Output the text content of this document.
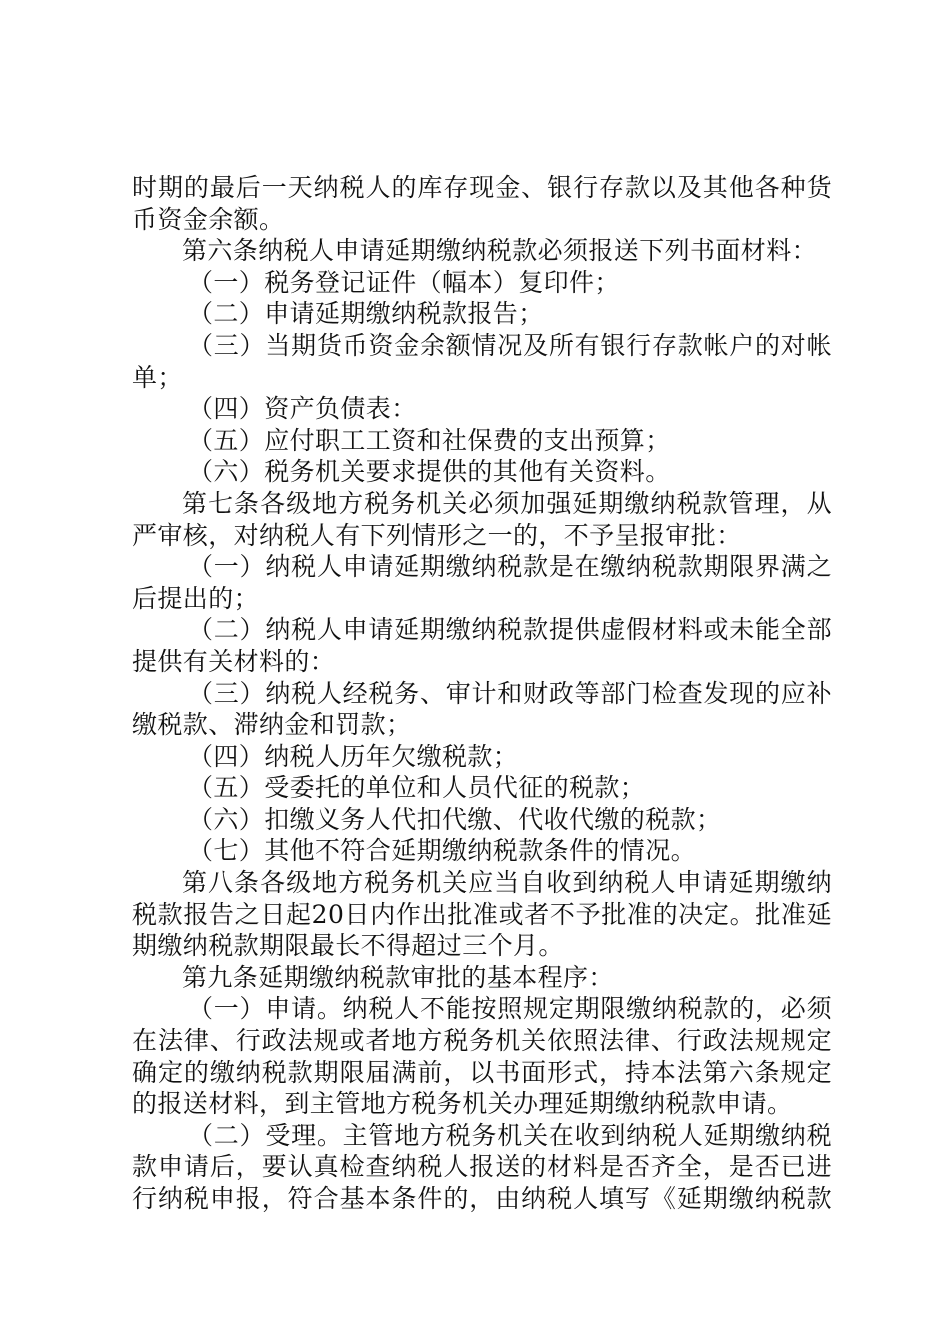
时期的最后一天纳税人的库存现金、银行存款以及其他各种货
币资金余额。
第六条纳税人申请延期缴纳税款必须报送下列书面材料：
（一）税务登记证件（幅本）复印件；
（二）申请延期缴纳税款报告；
（三）当期货币资金余额情况及所有银行存款帐户的对帐
单；
（四）资产负债表：
（五）应付职工工资和社保费的支出预算；
（六）税务机关要求提供的其他有关资料。
第七条各级地方税务机关必须加强延期缴纳税款管理，从
严审核，对纳税人有下列情形之一的，不予呈报审批：
（一）纳税人申请延期缴纳税款是在缴纳税款期限界满之
后提出的；
（二）纳税人申请延期缴纳税款提供虚假材料或未能全部
提供有关材料的：
（三）纳税人经税务、审计和财政等部门检查发现的应补
缴税款、滞纳金和罚款；
（四）纳税人历年欠缴税款；
（五）受委托的单位和人员代征的税款；
（六）扣缴义务人代扣代缴、代收代缴的税款；
（七）其他不符合延期缴纳税款条件的情况。
第八条各级地方税务机关应当自收到纳税人申请延期缴纳
税款报告之日起20日内作出批准或者不予批准的决定。批准延
期缴纳税款期限最长不得超过三个月。
第九条延期缴纳税款审批的基本程序：
（一）申请。纳税人不能按照规定期限缴纳税款的，必须
在法律、行政法规或者地方税务机关依照法律、行政法规规定
确定的缴纳税款期限届满前，以书面形式，持本法第六条规定
的报送材料，到主管地方税务机关办理延期缴纳税款申请。
（二）受理。主管地方税务机关在收到纳税人延期缴纳税
款申请后，要认真检查纳税人报送的材料是否齐全，是否已进
行纳税申报，符合基本条件的，由纳税人填写《延期缴纳税款
